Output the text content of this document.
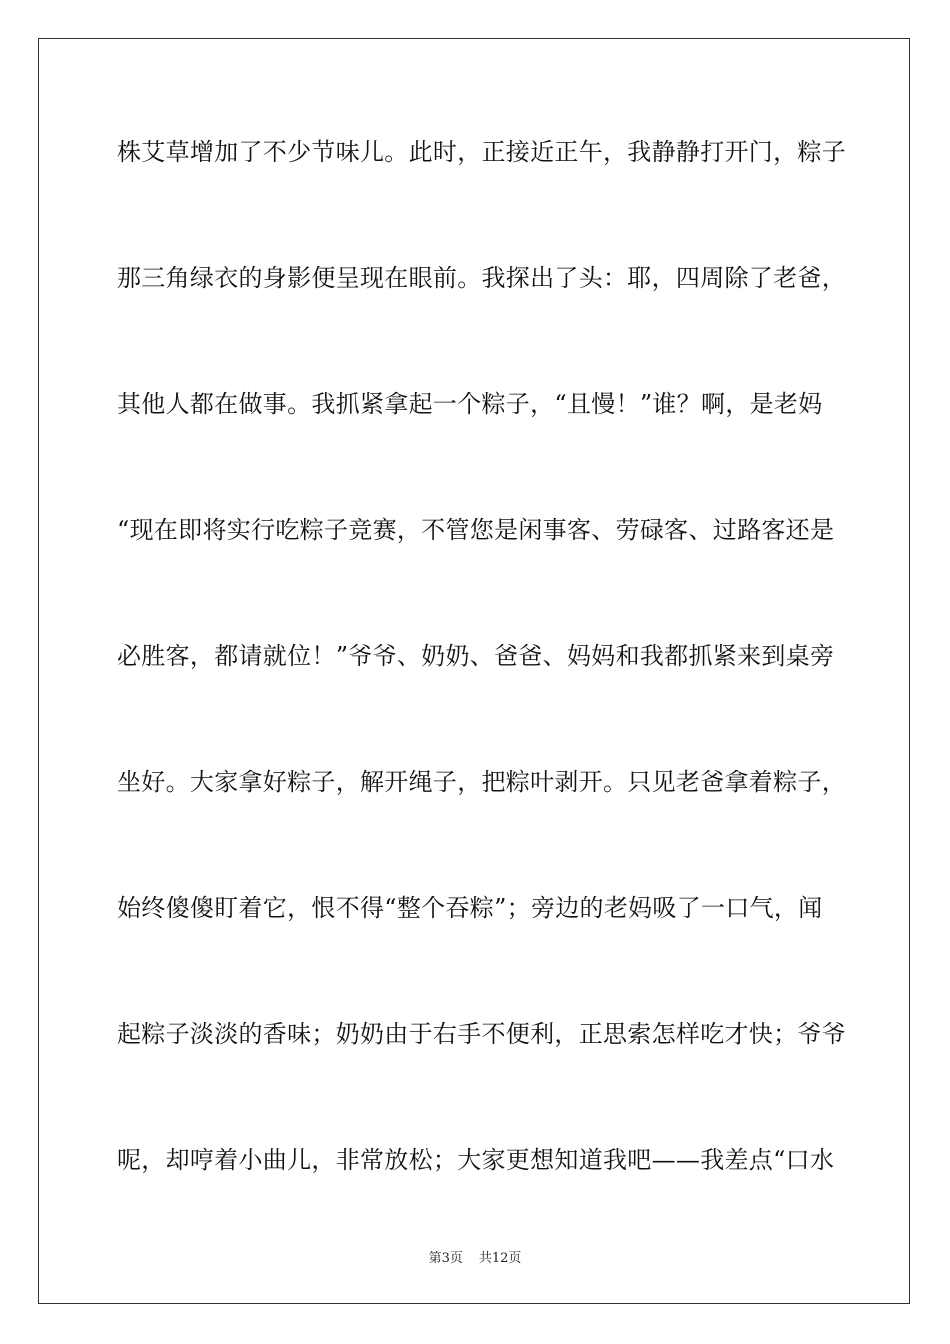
株艾草增加了不少节味儿。此时，正接近正午，我静静打开门，粽子

那三角绿衣的身影便呈现在眼前。我探出了头：耶，四周除了老爸，

其他人都在做事。我抓紧拿起一个粽子，“且慢！”谁？啊，是老妈

“现在即将实行吃粽子竞赛，不管您是闲事客、劳碌客、过路客还是

必胜客，都请就位！”爷爷、奶奶、爸爸、妈妈和我都抓紧来到桌旁

坐好。大家拿好粽子，解开绳子，把粽叶剥开。只见老爸拿着粽子，

始终傻傻盯着它，恨不得“整个吞粽”；旁边的老妈吸了一口气，闻

起粽子淡淡的香味；奶奶由于右手不便利，正思索怎样吃才快；爷爷

呢，却哼着小曲儿，非常放松；大家更想知道我吧——我差点“口水

第3页 共12页
